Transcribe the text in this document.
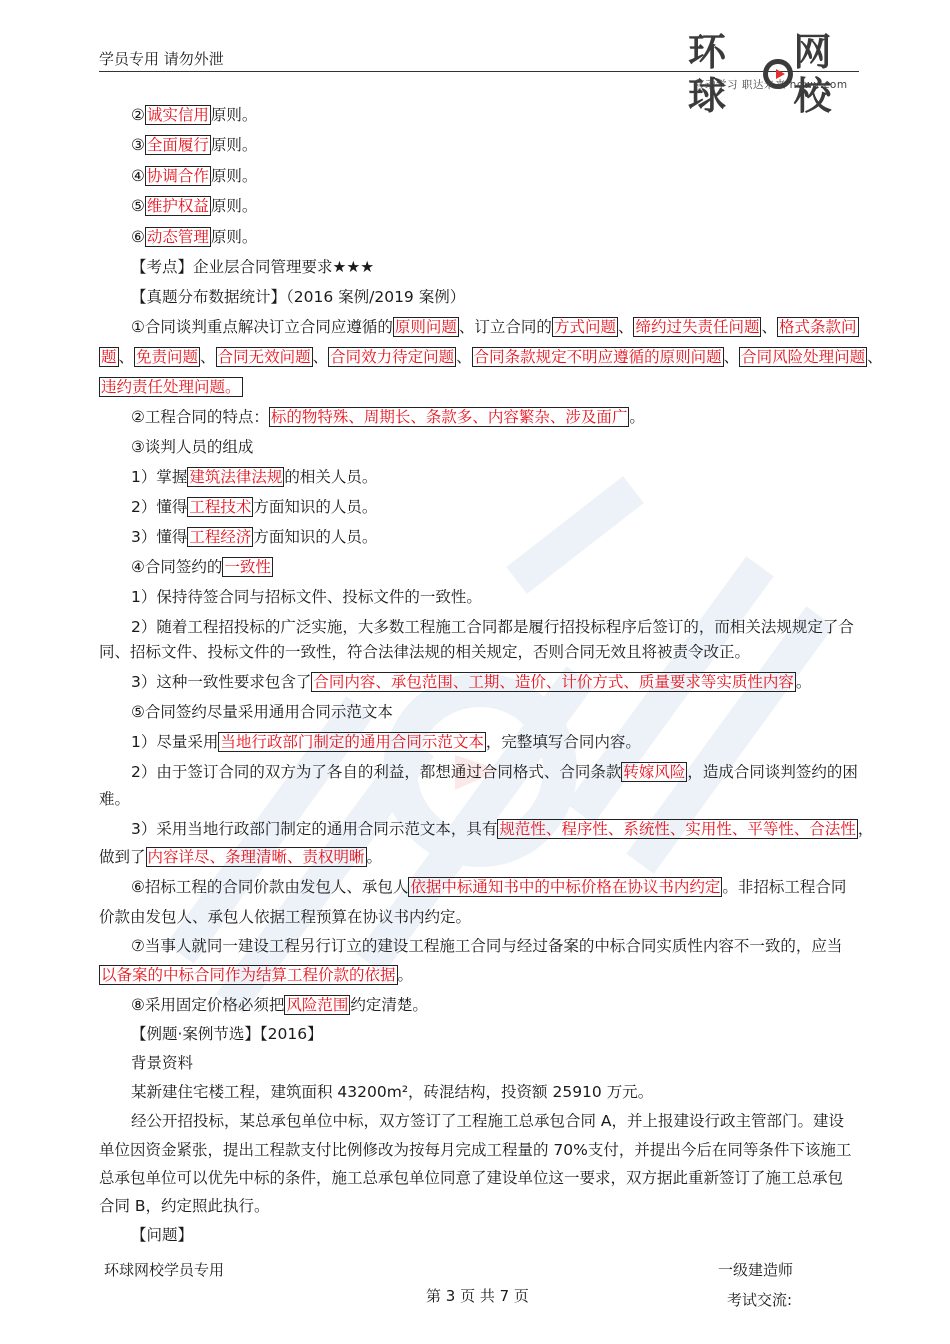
学员专用 请勿外泄	环球
网校
移动学习 职达未来 hqwx.com
② 诚实信用 原则。
③ 全面履行 原则。
④ 协调合作 原则。
⑤ 维护权益 原则。
⑥ 动态管理 原则。
【考点】企业层合同管理要求★★★
【真题分布数据统计】（2016 案例/2019 案例）
①合同谈判重点解决订立合同应遵循的 原则问题 、订立合同的 方式问题 、 缔约过失责任问题 、 格式条款问
题 、 免责问题 、 合同无效问题 、 合同效力待定问题 、 合同条款规定不明应遵循的原则问题 、 合同风险处理问题 、
违约责任处理问题。
②工程合同的特点： 标的物特殊、周期长、条款多、内容繁杂、涉及面广 。
③谈判人员的组成
1）掌握 建筑法律法规 的相关人员。
2）懂得 工程技术 方面知识的人员。
3）懂得 工程经济 方面知识的人员。
④合同签约的 一致性
1）保持待签合同与招标文件、投标文件的一致性。
2）随着工程招投标的广泛实施，大多数工程施工合同都是履行招投标程序后签订的，而相关法规规定了合
同、招标文件、投标文件的一致性，符合法律法规的相关规定，否则合同无效且将被责令改正。
3）这种一致性要求包含了 合同内容、承包范围、工期、造价、计价方式、质量要求等实质性内容 。
⑤合同签约尽量采用通用合同示范文本
1）尽量采用 当地行政部门制定的通用合同示范文本 ，完整填写合同内容。
2）由于签订合同的双方为了各自的利益，都想通过合同格式、合同条款 转嫁风险 ，造成合同谈判签约的困
难。
3）采用当地行政部门制定的通用合同示范文本，具有 规范性、程序性、系统性、实用性、平等性、合法性 ，
做到了 内容详尽、条理清晰、责权明晰 。
⑥招标工程的合同价款由发包人、承包人 依据中标通知书中的中标价格在协议书内约定 。非招标工程合同
价款由发包人、承包人依据工程预算在协议书内约定。
⑦当事人就同一建设工程另行订立的建设工程施工合同与经过备案的中标合同实质性内容不一致的，应当
以备案的中标合同作为结算工程价款的依据 。
⑧采用固定价格必须把 风险范围 约定清楚。
【例题·案例节选】【2016】
背景资料
某新建住宅楼工程，建筑面积 43200m²，砖混结构，投资额 25910 万元。
经公开招投标，某总承包单位中标，双方签订了工程施工总承包合同 A，并上报建设行政主管部门。建设
单位因资金紧张，提出工程款支付比例修改为按每月完成工程量的 70%支付，并提出今后在同等条件下该施工
总承包单位可以优先中标的条件，施工总承包单位同意了建设单位这一要求，双方据此重新签订了施工总承包
合同 B，约定照此执行。
【问题】
环球网校学员专用	一级建造师
第 3 页 共 7 页	考试交流:
